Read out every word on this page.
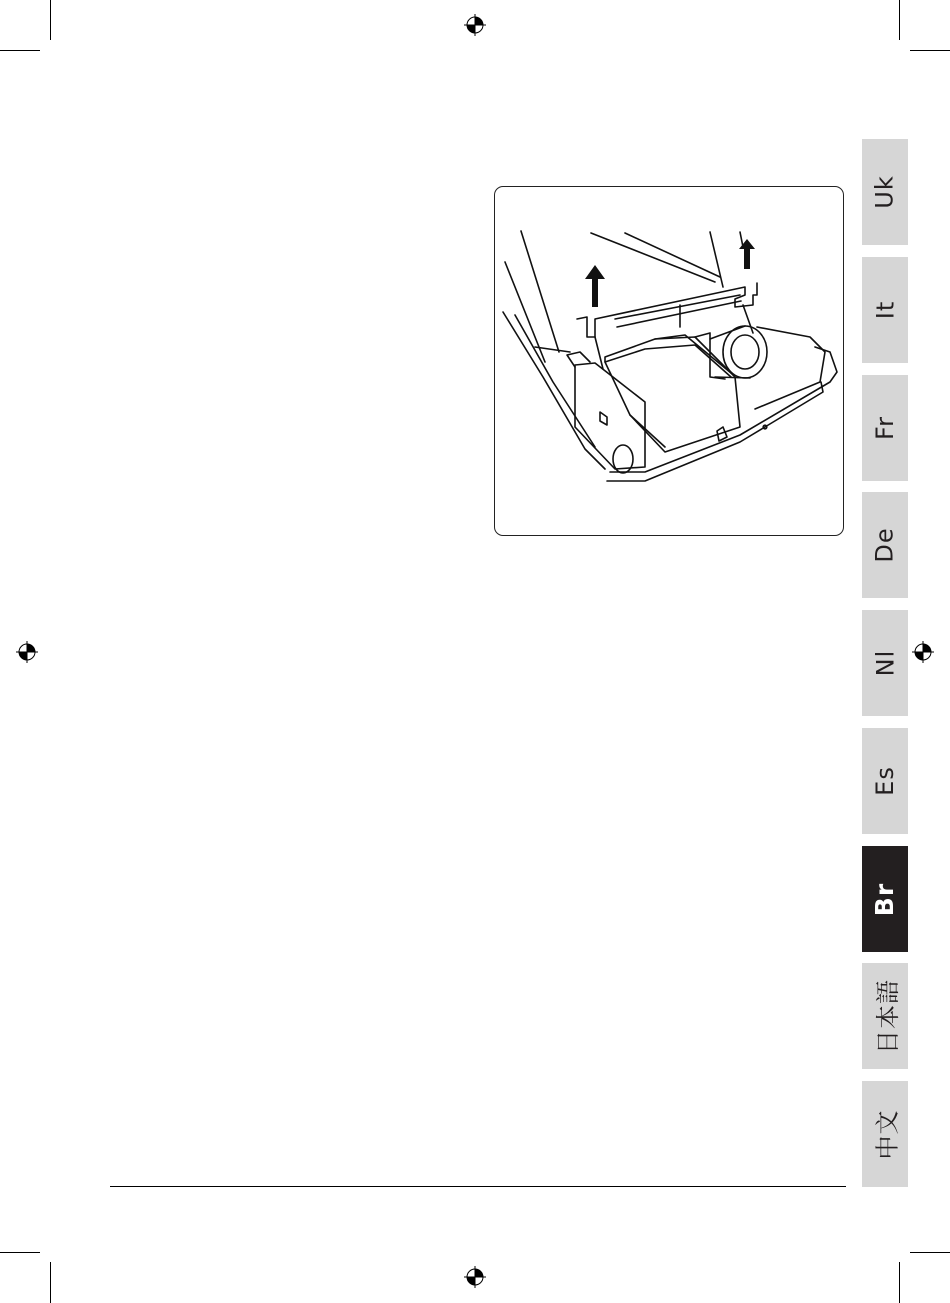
Uk
It
Fr
De
Nl
Es
Br
日本語
中文
